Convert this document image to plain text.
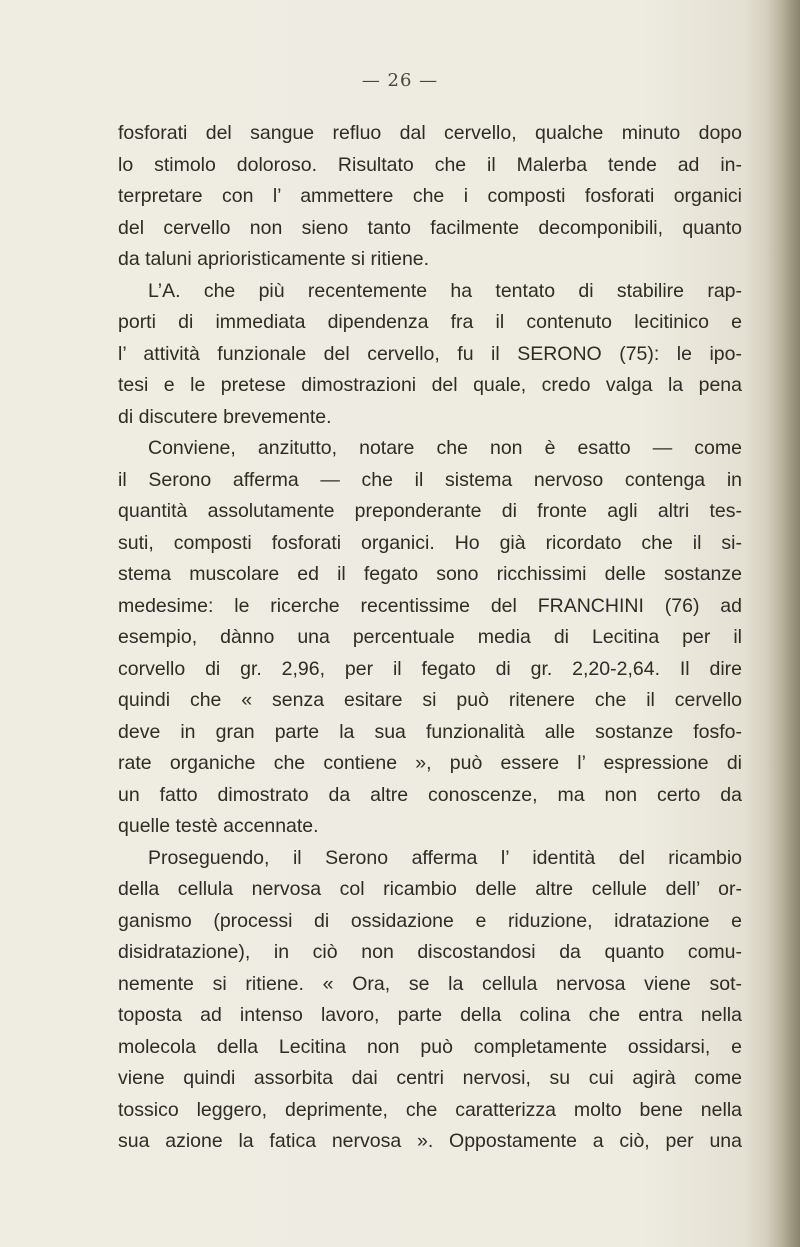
— 26 —
fosforati del sangue refluo dal cervello, qualche minuto dopo
lo stimolo doloroso. Risultato che il Malerba tende ad in-
terpretare con l’ ammettere che i composti fosforati organici
del cervello non sieno tanto facilmente decomponibili, quanto
da taluni aprioristicamente si ritiene.
L’A. che più recentemente ha tentato di stabilire rap-
porti di immediata dipendenza fra il contenuto lecitinico e
l’ attività funzionale del cervello, fu il SERONO (75): le ipo-
tesi e le pretese dimostrazioni del quale, credo valga la pena
di discutere brevemente.
Conviene, anzitutto, notare che non è esatto — come
il Serono afferma — che il sistema nervoso contenga in
quantità assolutamente preponderante di fronte agli altri tes-
suti, composti fosforati organici. Ho già ricordato che il si-
stema muscolare ed il fegato sono ricchissimi delle sostanze
medesime: le ricerche recentissime del FRANCHINI (76) ad
esempio, dànno una percentuale media di Lecitina per il
corvello di gr. 2,96, per il fegato di gr. 2,20-2,64. Il dire
quindi che « senza esitare si può ritenere che il cervello
deve in gran parte la sua funzionalità alle sostanze fosfo-
rate organiche che contiene », può essere l’ espressione di
un fatto dimostrato da altre conoscenze, ma non certo da
quelle testè accennate.
Proseguendo, il Serono afferma l’ identità del ricambio
della cellula nervosa col ricambio delle altre cellule dell’ or-
ganismo (processi di ossidazione e riduzione, idratazione e
disidratazione), in ciò non discostandosi da quanto comu-
nemente si ritiene. « Ora, se la cellula nervosa viene sot-
toposta ad intenso lavoro, parte della colina che entra nella
molecola della Lecitina non può completamente ossidarsi, e
viene quindi assorbita dai centri nervosi, su cui agirà come
tossico leggero, deprimente, che caratterizza molto bene nella
sua azione la fatica nervosa ». Oppostamente a ciò, per una
